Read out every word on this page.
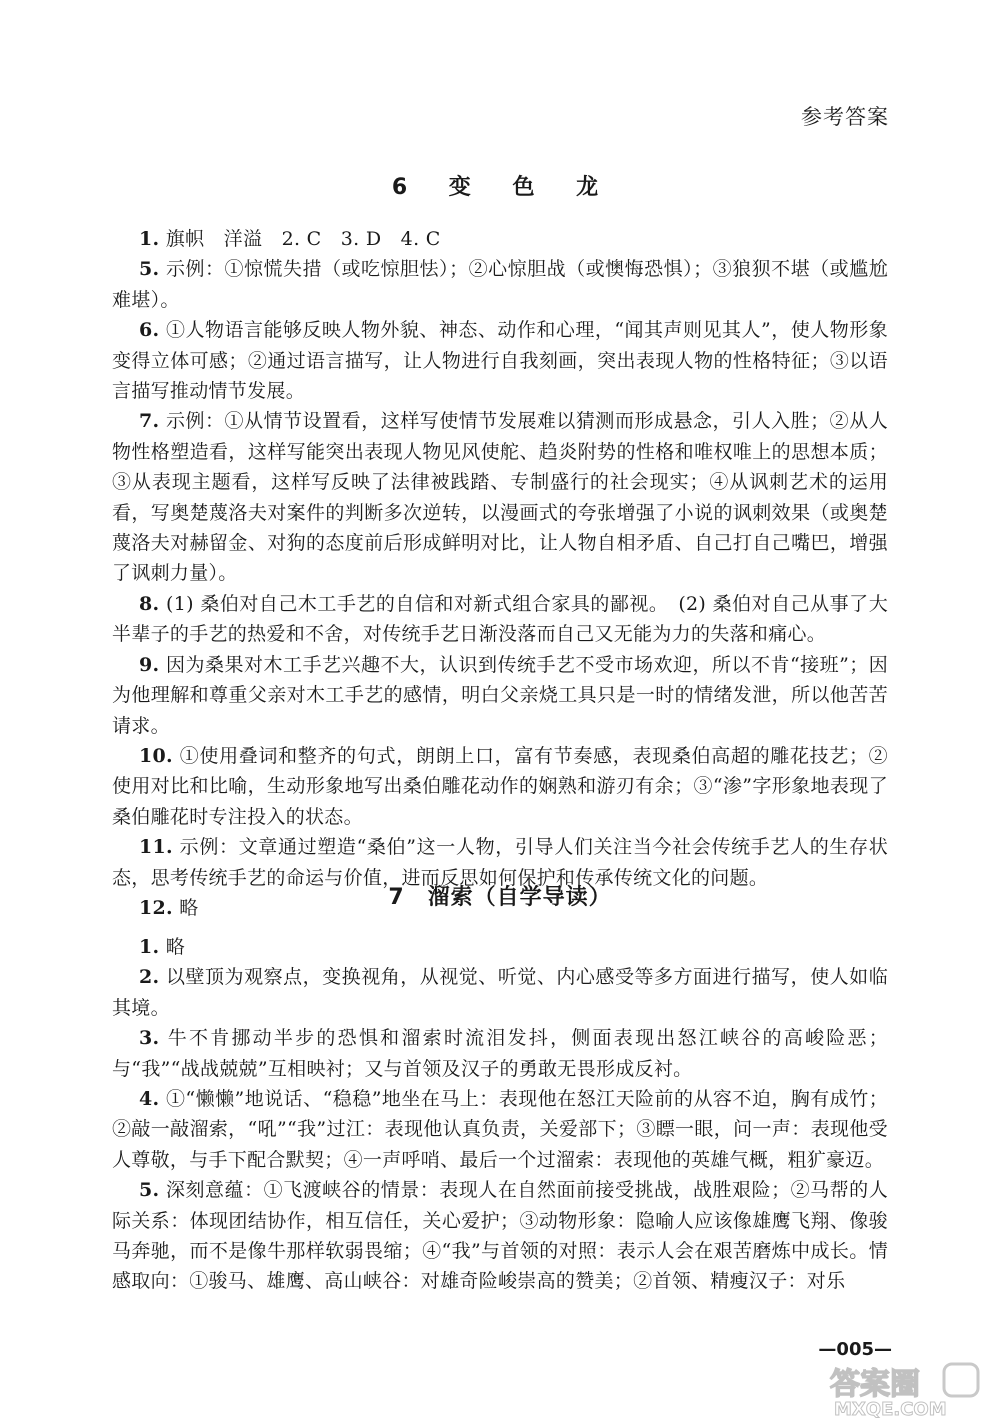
参考答案
6 变 色 龙

1. 旗帜　洋溢　2. C　3. D　4. C

5. 示例：①惊慌失措（或吃惊胆怯）；②心惊胆战（或懊悔恐惧）；③狼狈不堪（或尴尬难堪）。

6. ①人物语言能够反映人物外貌、神态、动作和心理，“闻其声则见其人”，使人物形象变得立体可感；②通过语言描写，让人物进行自我刻画，突出表现人物的性格特征；③以语言描写推动情节发展。

7. 示例：①从情节设置看，这样写使情节发展难以猜测而形成悬念，引人入胜；②从人物性格塑造看，这样写能突出表现人物见风使舵、趋炎附势的性格和唯权唯上的思想本质；③从表现主题看，这样写反映了法律被践踏、专制盛行的社会现实；④从讽刺艺术的运用看，写奥楚蔑洛夫对案件的判断多次逆转，以漫画式的夸张增强了小说的讽刺效果（或奥楚蔑洛夫对赫留金、对狗的态度前后形成鲜明对比，让人物自相矛盾、自己打自己嘴巴，增强了讽刺力量）。

8. (1) 桑伯对自己木工手艺的自信和对新式组合家具的鄙视。　(2) 桑伯对自己从事了大半辈子的手艺的热爱和不舍，对传统手艺日渐没落而自己又无能为力的失落和痛心。

9. 因为桑果对木工手艺兴趣不大，认识到传统手艺不受市场欢迎，所以不肯“接班”；因为他理解和尊重父亲对木工手艺的感情，明白父亲烧工具只是一时的情绪发泄，所以他苦苦请求。

10. ①使用叠词和整齐的句式，朗朗上口，富有节奏感，表现桑伯高超的雕花技艺；②使用对比和比喻，生动形象地写出桑伯雕花动作的娴熟和游刃有余；③“渗”字形象地表现了桑伯雕花时专注投入的状态。

11. 示例：文章通过塑造“桑伯”这一人物，引导人们关注当今社会传统手艺人的生存状态，思考传统手艺的命运与价值，进而反思如何保护和传承传统文化的问题。

12. 略	7　溜索（自学导读）

1. 略

2. 以壁顶为观察点，变换视角，从视觉、听觉、内心感受等多方面进行描写，使人如临其境。

3. 牛不肯挪动半步的恐惧和溜索时流泪发抖，侧面表现出怒江峡谷的高峻险恶；与“我”“战战兢兢”互相映衬；又与首领及汉子的勇敢无畏形成反衬。

4. ①“懒懒”地说话、“稳稳”地坐在马上：表现他在怒江天险前的从容不迫，胸有成竹；②敲一敲溜索，“吼”“我”过江：表现他认真负责，关爱部下；③瞟一眼，问一声：表现他受人尊敬，与手下配合默契；④一声呼哨、最后一个过溜索：表现他的英雄气概，粗犷豪迈。

5. 深刻意蕴：①飞渡峡谷的情景：表现人在自然面前接受挑战，战胜艰险；②马帮的人际关系：体现团结协作，相互信任，关心爱护；③动物形象：隐喻人应该像雄鹰飞翔、像骏马奔驰，而不是像牛那样软弱畏缩；④“我”与首领的对照：表示人会在艰苦磨炼中成长。情感取向：①骏马、雄鹰、高山峡谷：对雄奇险峻崇高的赞美；②首领、精瘦汉子：对乐

—005—
答案圈
MXQE.COM
